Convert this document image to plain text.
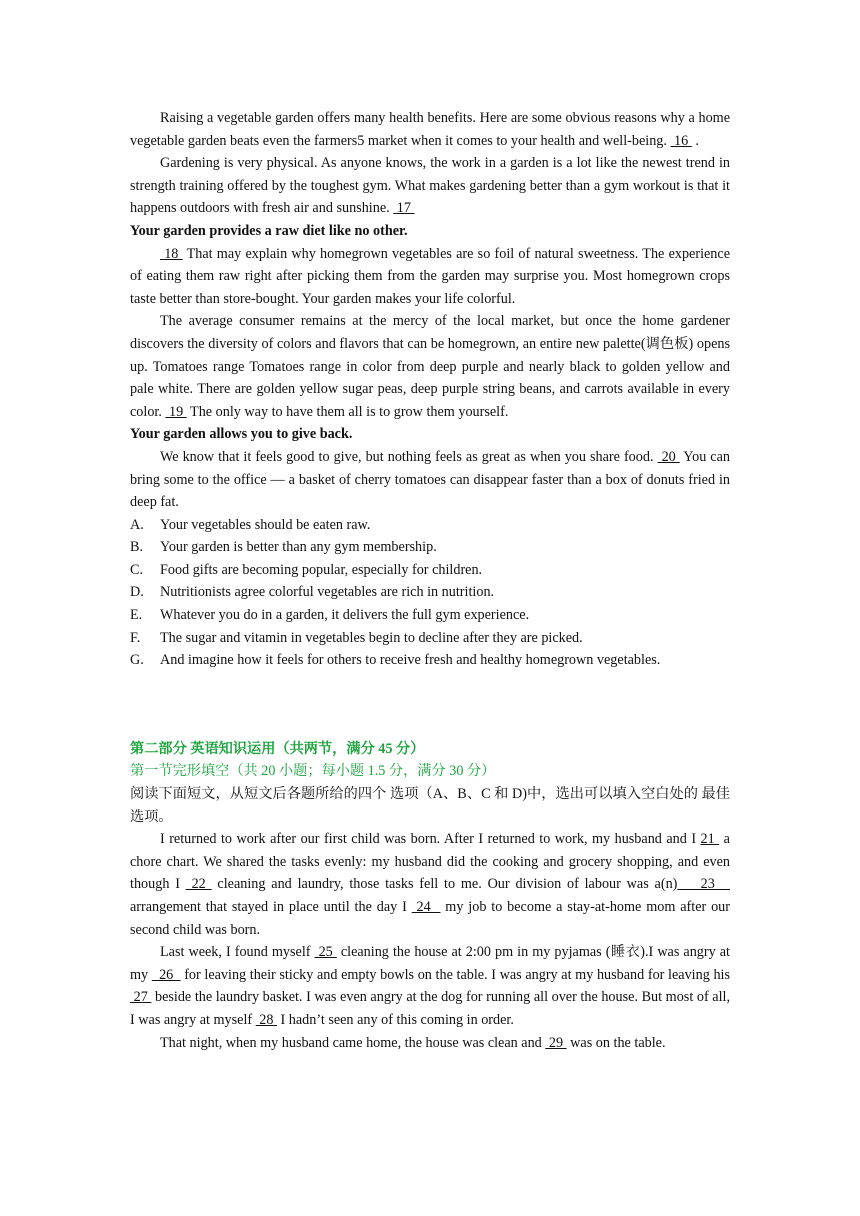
Raising a vegetable garden offers many health benefits. Here are some obvious reasons why a home vegetable garden beats even the farmers5 market when it comes to your health and well-being.  16  .

Gardening is very physical. As anyone knows, the work in a garden is a lot like the newest trend in strength training offered by the toughest gym. What makes gardening better than a gym workout is that it happens outdoors with fresh air and sunshine.  17

Your garden provides a raw diet like no other.

18  That may explain why homegrown vegetables are so foil of natural sweetness. The experience of eating them raw right after picking them from the garden may surprise you. Most homegrown crops taste better than store-bought. Your garden makes your life colorful.

The average consumer remains at the mercy of the local market, but once the home gardener discovers the diversity of colors and flavors that can be homegrown, an entire new palette(调色板) opens up. Tomatoes range Tomatoes range in color from deep purple and nearly black to golden yellow and pale white. There are golden yellow sugar peas, deep purple string beans, and carrots available in every color.  19  The only way to have them all is to grow them yourself.

Your garden allows you to give back.

We know that it feels good to give, but nothing feels as great as when you share food.  20  You can bring some to the office — a basket of cherry tomatoes can disappear faster than a box of donuts fried in deep fat.

A.	Your vegetables should be eaten raw.
B.	Your garden is better than any gym membership.
C.	Food gifts are becoming popular, especially for children.
D.	Nutritionists agree colorful vegetables are rich in nutrition.
E.	Whatever you do in a garden, it delivers the full gym experience.
F.	The sugar and vitamin in vegetables begin to decline after they are picked.
G.	And imagine how it feels for others to receive fresh and healthy homegrown vegetables.

第二部分 英语知识运用（共两节，满分 45 分）

第一节完形填空（共 20 小题；每小题 1.5 分，满分 30 分）

阅读下面短文，从短文后各题所给的四个 选项（A、B、C 和 D)中，选出可以填入空白处的 最佳选项。

I returned to work after our first child was born. After I returned to work, my husband and I 21  a chore chart. We shared the tasks evenly: my husband did the cooking and grocery shopping, and even though I  22  cleaning and laundry, those tasks fell to me. Our division of labour was a(n)    23    arrangement that stayed in place until the day I  24   my job to become a stay-at-home mom after our second child was born.

Last week, I found myself  25  cleaning the house at 2:00 pm in my pyjamas (睡衣).I was angry at my   26   for leaving their sticky and empty bowls on the table. I was angry at my husband for leaving his  27  beside the laundry basket. I was even angry at the dog for running all over the house. But most of all, I was angry at myself  28  I hadn’t seen any of this coming in order.

That night, when my husband came home, the house was clean and  29  was on the table.
